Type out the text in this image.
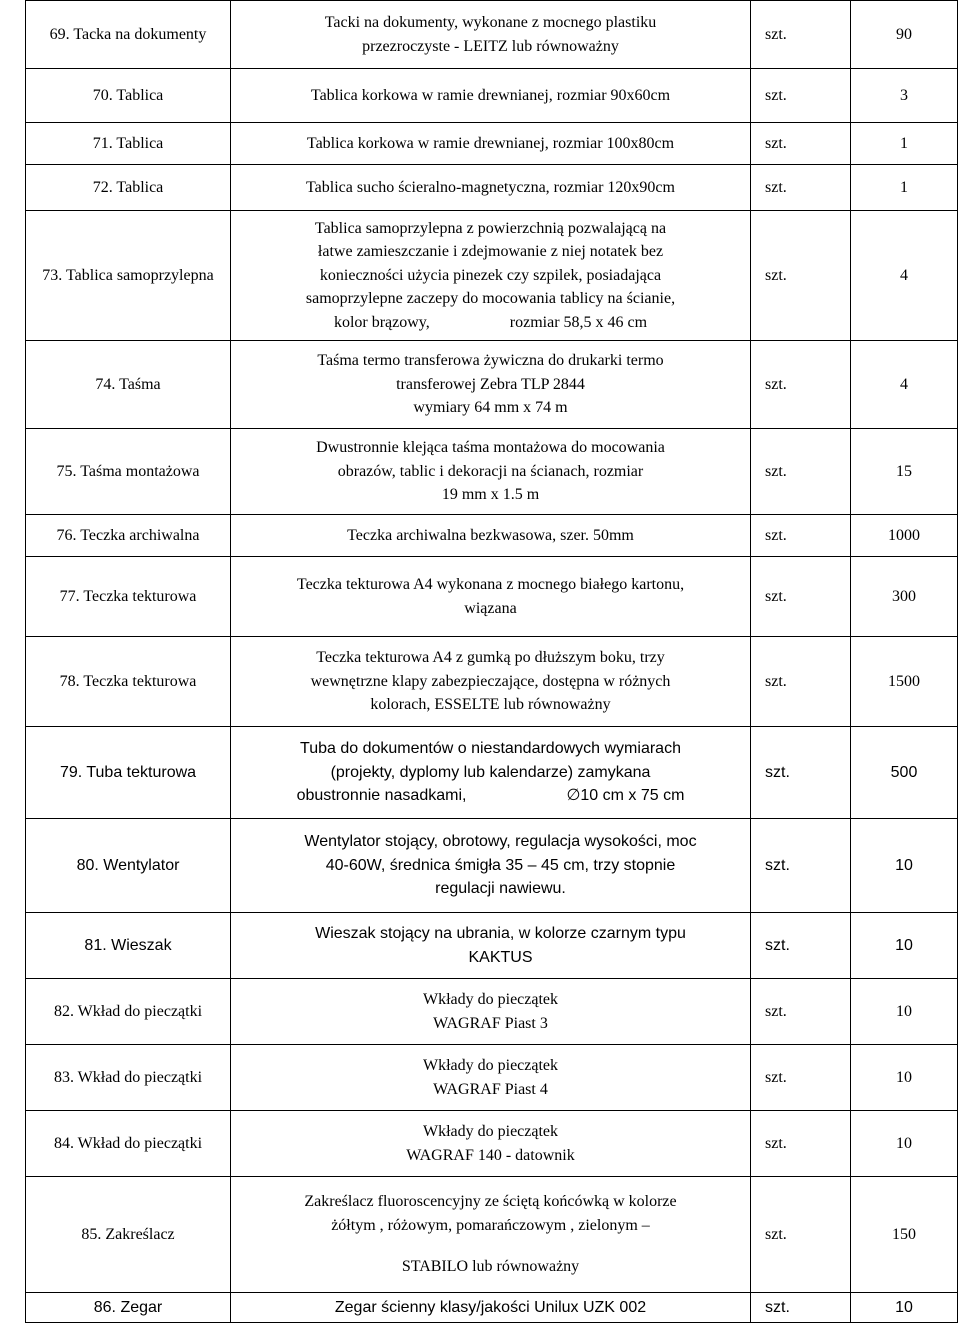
69. Tacka na dokumenty	Tacki na dokumenty, wykonane z mocnego plastiku
przezroczyste - LEITZ lub równoważny	szt.	90
70. Tablica	Tablica korkowa w ramie drewnianej, rozmiar 90x60cm	szt.	3
71. Tablica	Tablica korkowa w ramie drewnianej, rozmiar 100x80cm	szt.	1
72. Tablica	Tablica sucho ścieralno-magnetyczna, rozmiar 120x90cm	szt.	1
73. Tablica samoprzylepna	Tablica samoprzylepna z powierzchnią pozwalającą na
łatwe zamieszczanie i zdejmowanie z niej notatek bez
konieczności użycia pinezek czy szpilek, posiadająca
samoprzylepne zaczepy do mocowania tablicy na ścianie,
kolor brązowy, rozmiar 58,5 x 46 cm	szt.	4
74. Taśma	Taśma termo transferowa żywiczna do drukarki termo
transferowej Zebra TLP 2844
wymiary 64 mm x 74 m	szt.	4
75. Taśma montażowa	Dwustronnie klejąca taśma montażowa do mocowania
obrazów, tablic i dekoracji na ścianach, rozmiar
19 mm x 1.5 m	szt.	15
76. Teczka archiwalna	Teczka archiwalna bezkwasowa, szer. 50mm	szt.	1000
77. Teczka tekturowa	Teczka tekturowa A4 wykonana z mocnego białego kartonu,
wiązana	szt.	300
78. Teczka tekturowa	Teczka tekturowa A4 z gumką po dłuższym boku, trzy
wewnętrzne klapy zabezpieczające, dostępna w różnych
kolorach, ESSELTE lub równoważny	szt.	1500
79. Tuba tekturowa	Tuba do dokumentów o niestandardowych wymiarach
(projekty, dyplomy lub kalendarze) zamykana
obustronnie nasadkami, ∅10 cm x 75 cm	szt.	500
80. Wentylator	Wentylator stojący, obrotowy, regulacja wysokości, moc
40-60W, średnica śmigła 35 – 45 cm, trzy stopnie
regulacji nawiewu.	szt.	10
81. Wieszak	Wieszak stojący na ubrania, w kolorze czarnym typu
KAKTUS	szt.	10
82. Wkład do pieczątki	Wkłady do pieczątek
WAGRAF Piast 3	szt.	10
83. Wkład do pieczątki	Wkłady do pieczątek
WAGRAF Piast 4	szt.	10
84. Wkład do pieczątki	Wkłady do pieczątek
WAGRAF 140 - datownik	szt.	10
85. Zakreślacz	Zakreślacz fluoroscencyjny ze ściętą końcówką w kolorze
żółtym , różowym, pomarańczowym , zielonym –
STABILO lub równoważny	szt.	150
86. Zegar	Zegar ścienny klasy/jakości Unilux UZK 002	szt.	10
